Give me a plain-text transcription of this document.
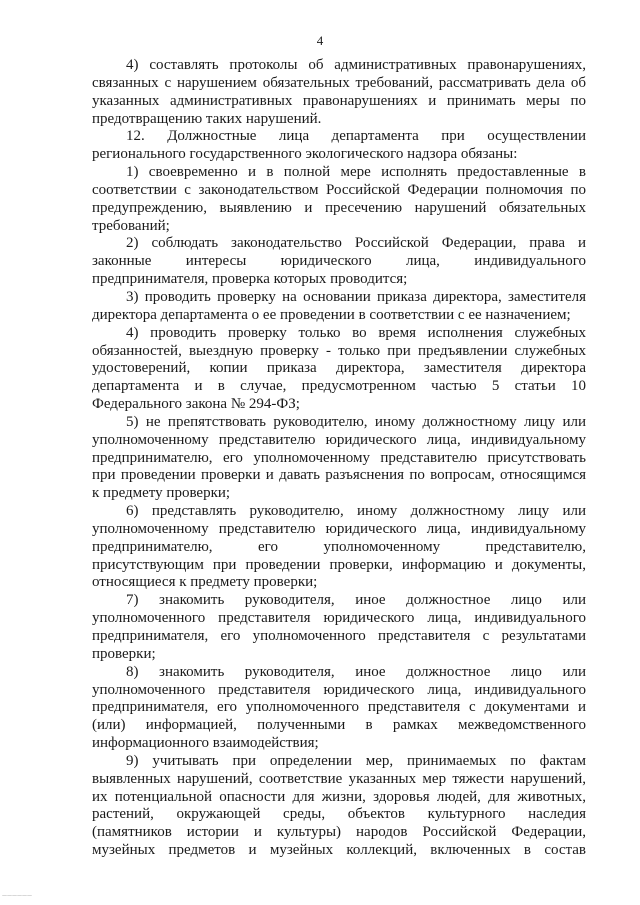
4
4) составлять протоколы об административных правонарушениях,
связанных с нарушением обязательных требований, рассматривать дела об
указанных административных правонарушениях и принимать меры по
предотвращению таких нарушений.
12. Должностные лица департамента при осуществлении
регионального государственного экологического надзора обязаны:
1) своевременно и в полной мере исполнять предоставленные в
соответствии с законодательством Российской Федерации полномочия по
предупреждению, выявлению и пресечению нарушений обязательных
требований;
2) соблюдать законодательство Российской Федерации, права и
законные интересы юридического лица, индивидуального
предпринимателя, проверка которых проводится;
3) проводить проверку на основании приказа директора, заместителя
директора департамента о ее проведении в соответствии с ее назначением;
4) проводить проверку только во время исполнения служебных
обязанностей, выездную проверку - только при предъявлении служебных
удостоверений, копии приказа директора, заместителя директора
департамента и в случае, предусмотренном частью 5 статьи 10
Федерального закона № 294-ФЗ;
5) не препятствовать руководителю, иному должностному лицу или
уполномоченному представителю юридического лица, индивидуальному
предпринимателю, его уполномоченному представителю присутствовать
при проведении проверки и давать разъяснения по вопросам, относящимся
к предмету проверки;
6) представлять руководителю, иному должностному лицу или
уполномоченному представителю юридического лица, индивидуальному
предпринимателю, его уполномоченному представителю,
присутствующим при проведении проверки, информацию и документы,
относящиеся к предмету проверки;
7) знакомить руководителя, иное должностное лицо или
уполномоченного представителя юридического лица, индивидуального
предпринимателя, его уполномоченного представителя с результатами
проверки;
8) знакомить руководителя, иное должностное лицо или
уполномоченного представителя юридического лица, индивидуального
предпринимателя, его уполномоченного представителя с документами и
(или) информацией, полученными в рамках межведомственного
информационного взаимодействия;
9) учитывать при определении мер, принимаемых по фактам
выявленных нарушений, соответствие указанных мер тяжести нарушений,
их потенциальной опасности для жизни, здоровья людей, для животных,
растений, окружающей среды, объектов культурного наследия
(памятников истории и культуры) народов Российской Федерации,
музейных предметов и музейных коллекций, включенных в состав
——————
